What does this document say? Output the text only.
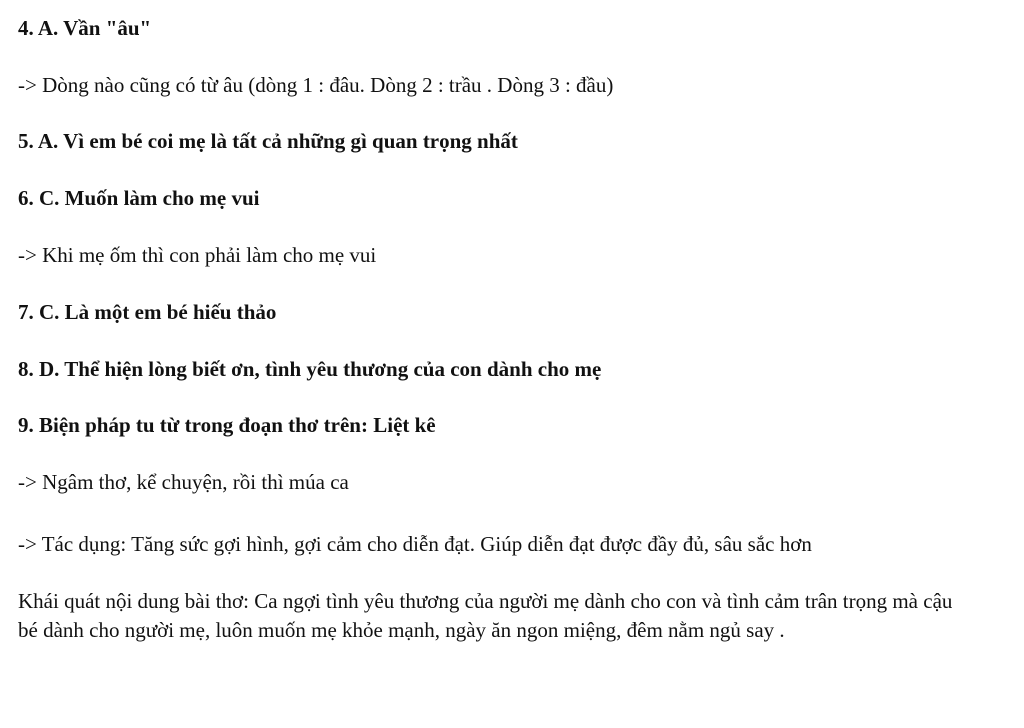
4. A. Vần "âu"
-> Dòng nào cũng có từ âu (dòng 1 : đâu. Dòng 2 : trầu . Dòng 3 : đầu)
5. A. Vì em bé coi mẹ là tất cả những gì quan trọng nhất
6. C. Muốn làm cho mẹ vui
-> Khi mẹ ốm thì con phải làm cho mẹ vui
7. C. Là một em bé hiếu thảo
8. D. Thể hiện lòng biết ơn, tình yêu thương của con dành cho mẹ
9. Biện pháp tu từ trong đoạn thơ trên: Liệt kê
-> Ngâm thơ, kể chuyện, rồi thì múa ca
-> Tác dụng: Tăng sức gợi hình, gợi cảm cho diễn đạt. Giúp diễn đạt được đầy đủ, sâu sắc hơn
Khái quát nội dung bài thơ: Ca ngợi tình yêu thương của người mẹ dành cho con và tình cảm trân trọng mà cậu bé dành cho người mẹ, luôn muốn mẹ khỏe mạnh, ngày ăn ngon miệng, đêm nằm ngủ say .
